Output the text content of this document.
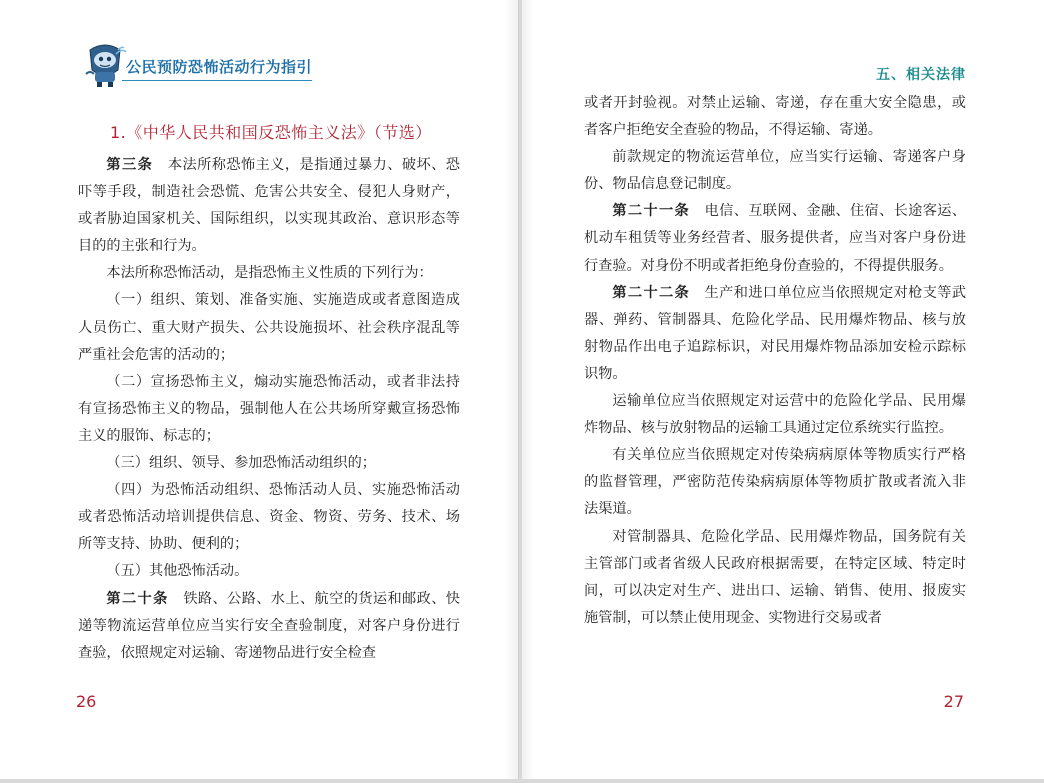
公民预防恐怖活动行为指引
1.《中华人民共和国反恐怖主义法》（节选）

第三条　 本法所称恐怖主义，是指通过暴力、破坏、恐吓等手段，制造社会恐慌、危害公共安全、侵犯人身财产，或者胁迫国家机关、国际组织，以实现其政治、意识形态等目的的主张和行为。

本法所称恐怖活动，是指恐怖主义性质的下列行为：

（一）组织、策划、准备实施、实施造成或者意图造成人员伤亡、重大财产损失、公共设施损坏、社会秩序混乱等严重社会危害的活动的；

（二）宣扬恐怖主义，煽动实施恐怖活动，或者非法持有宣扬恐怖主义的物品，强制他人在公共场所穿戴宣扬恐怖主义的服饰、标志的；

（三）组织、领导、参加恐怖活动组织的；

（四）为恐怖活动组织、恐怖活动人员、实施恐怖活动或者恐怖活动培训提供信息、资金、物资、劳务、技术、场所等支持、协助、便利的；

（五）其他恐怖活动。

第二十条　 铁路、公路、水上、航空的货运和邮政、快递等物流运营单位应当实行安全查验制度，对客户身份进行查验，依照规定对运输、寄递物品进行安全检查

26
五、相关法律

或者开封验视。对禁止运输、寄递，存在重大安全隐患，或者客户拒绝安全查验的物品，不得运输、寄递。

前款规定的物流运营单位，应当实行运输、寄递客户身份、物品信息登记制度。

第二十一条　 电信、互联网、金融、住宿、长途客运、机动车租赁等业务经营者、服务提供者，应当对客户身份进行查验。对身份不明或者拒绝身份查验的，不得提供服务。

第二十二条　 生产和进口单位应当依照规定对枪支等武器、弹药、管制器具、危险化学品、民用爆炸物品、核与放射物品作出电子追踪标识，对民用爆炸物品添加安检示踪标识物。

运输单位应当依照规定对运营中的危险化学品、民用爆炸物品、核与放射物品的运输工具通过定位系统实行监控。

有关单位应当依照规定对传染病病原体等物质实行严格的监督管理，严密防范传染病病原体等物质扩散或者流入非法渠道。

对管制器具、危险化学品、民用爆炸物品，国务院有关主管部门或者省级人民政府根据需要，在特定区域、特定时间，可以决定对生产、进出口、运输、销售、使用、报废实施管制，可以禁止使用现金、实物进行交易或者

27
